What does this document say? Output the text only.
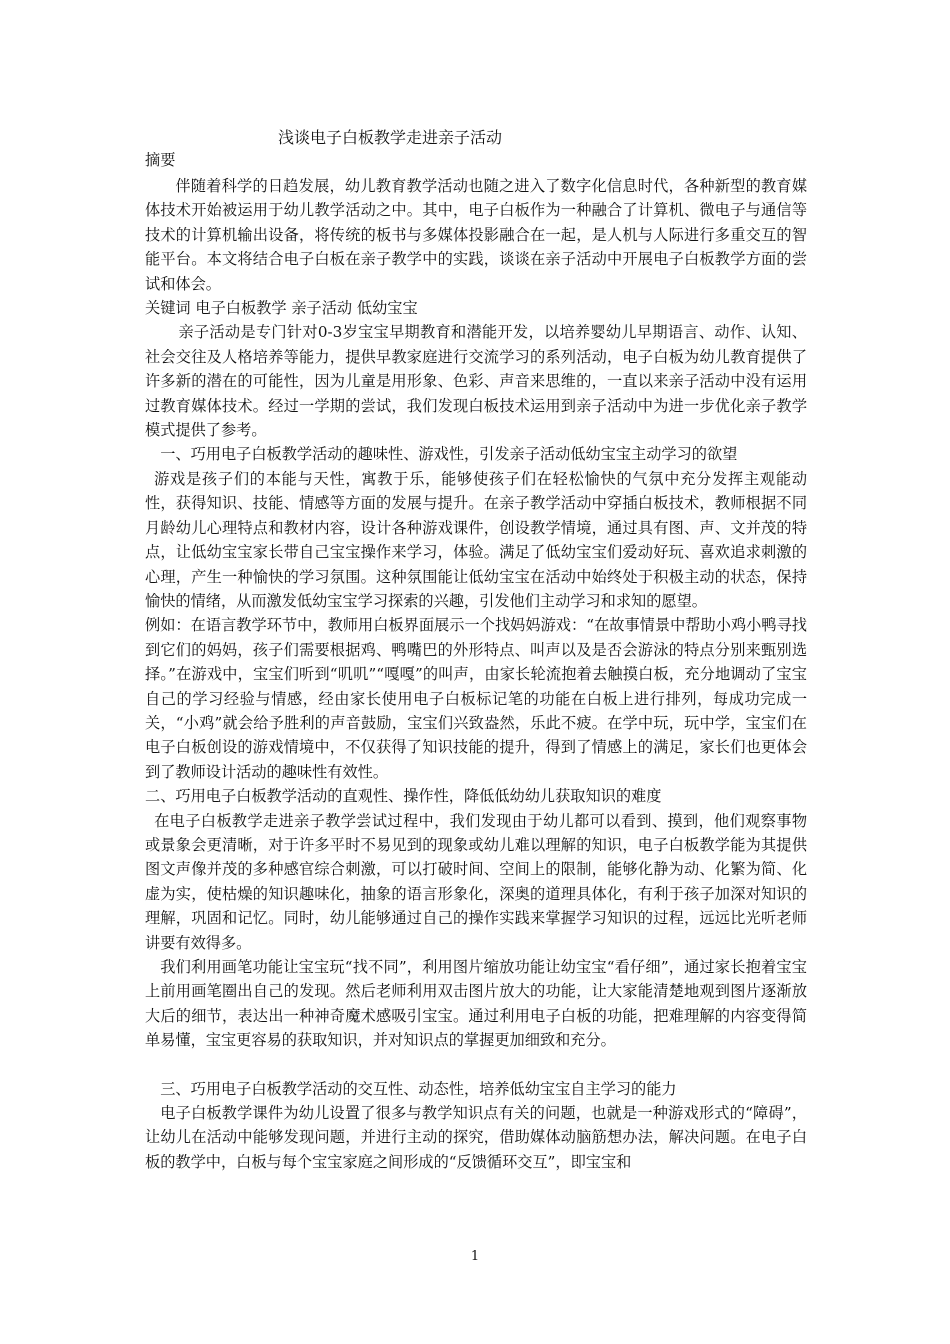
浅谈电子白板教学走进亲子活动
摘要

伴随着科学的日趋发展，幼儿教育教学活动也随之进入了数字化信息时代，各种新型的教育媒体技术开始被运用于幼儿教学活动之中。其中，电子白板作为一种融合了计算机、微电子与通信等技术的计算机输出设备，将传统的板书与多媒体投影融合在一起，是人机与人际进行多重交互的智能平台。本文将结合电子白板在亲子教学中的实践，谈谈在亲子活动中开展电子白板教学方面的尝试和体会。

关键词 电子白板教学 亲子活动 低幼宝宝

亲子活动是专门针对0-3岁宝宝早期教育和潜能开发，以培养婴幼儿早期语言、动作、认知、社会交往及人格培养等能力，提供早教家庭进行交流学习的系列活动，电子白板为幼儿教育提供了许多新的潜在的可能性，因为儿童是用形象、色彩、声音来思维的，一直以来亲子活动中没有运用过教育媒体技术。经过一学期的尝试，我们发现白板技术运用到亲子活动中为进一步优化亲子教学模式提供了参考。

一、巧用电子白板教学活动的趣味性、游戏性，引发亲子活动低幼宝宝主动学习的欲望

游戏是孩子们的本能与天性，寓教于乐，能够使孩子们在轻松愉快的气氛中充分发挥主观能动性，获得知识、技能、情感等方面的发展与提升。在亲子教学活动中穿插白板技术，教师根据不同月龄幼儿心理特点和教材内容，设计各种游戏课件，创设教学情境，通过具有图、声、文并茂的特点，让低幼宝宝家长带自己宝宝操作来学习，体验。满足了低幼宝宝们爱动好玩、喜欢追求刺激的心理，产生一种愉快的学习氛围。这种氛围能让低幼宝宝在活动中始终处于积极主动的状态，保持愉快的情绪，从而激发低幼宝宝学习探索的兴趣，引发他们主动学习和求知的愿望。

例如：在语言教学环节中，教师用白板界面展示一个找妈妈游戏：“在故事情景中帮助小鸡小鸭寻找到它们的妈妈，孩子们需要根据鸡、鸭嘴巴的外形特点、叫声以及是否会游泳的特点分别来甄别选择。”在游戏中，宝宝们听到“叽叽”“嘎嘎”的叫声，由家长轮流抱着去触摸白板，充分地调动了宝宝自己的学习经验与情感，经由家长使用电子白板标记笔的功能在白板上进行排列，每成功完成一关，“小鸡”就会给予胜利的声音鼓励，宝宝们兴致盎然，乐此不疲。在学中玩，玩中学，宝宝们在电子白板创设的游戏情境中，不仅获得了知识技能的提升，得到了情感上的满足，家长们也更体会到了教师设计活动的趣味性有效性。

二、巧用电子白板教学活动的直观性、操作性，降低低幼幼儿获取知识的难度

在电子白板教学走进亲子教学尝试过程中，我们发现由于幼儿都可以看到、摸到，他们观察事物或景象会更清晰，对于许多平时不易见到的现象或幼儿难以理解的知识，电子白板教学能为其提供图文声像并茂的多种感官综合刺激，可以打破时间、空间上的限制，能够化静为动、化繁为简、化虚为实，使枯燥的知识趣味化，抽象的语言形象化，深奥的道理具体化，有利于孩子加深对知识的理解，巩固和记忆。同时，幼儿能够通过自己的操作实践来掌握学习知识的过程，远远比光听老师讲要有效得多。

我们利用画笔功能让宝宝玩“找不同”，利用图片缩放功能让幼宝宝“看仔细”，通过家长抱着宝宝上前用画笔圈出自己的发现。然后老师利用双击图片放大的功能，让大家能清楚地观到图片逐渐放大后的细节，表达出一种神奇魔术感吸引宝宝。通过利用电子白板的功能，把难理解的内容变得简单易懂，宝宝更容易的获取知识，并对知识点的掌握更加细致和充分。

三、巧用电子白板教学活动的交互性、动态性，培养低幼宝宝自主学习的能力

电子白板教学课件为幼儿设置了很多与教学知识点有关的问题，也就是一种游戏形式的“障碍”，让幼儿在活动中能够发现问题，并进行主动的探究，借助媒体动脑筋想办法，解决问题。在电子白板的教学中，白板与每个宝宝家庭之间形成的“反馈循环交互”，即宝宝和

1
